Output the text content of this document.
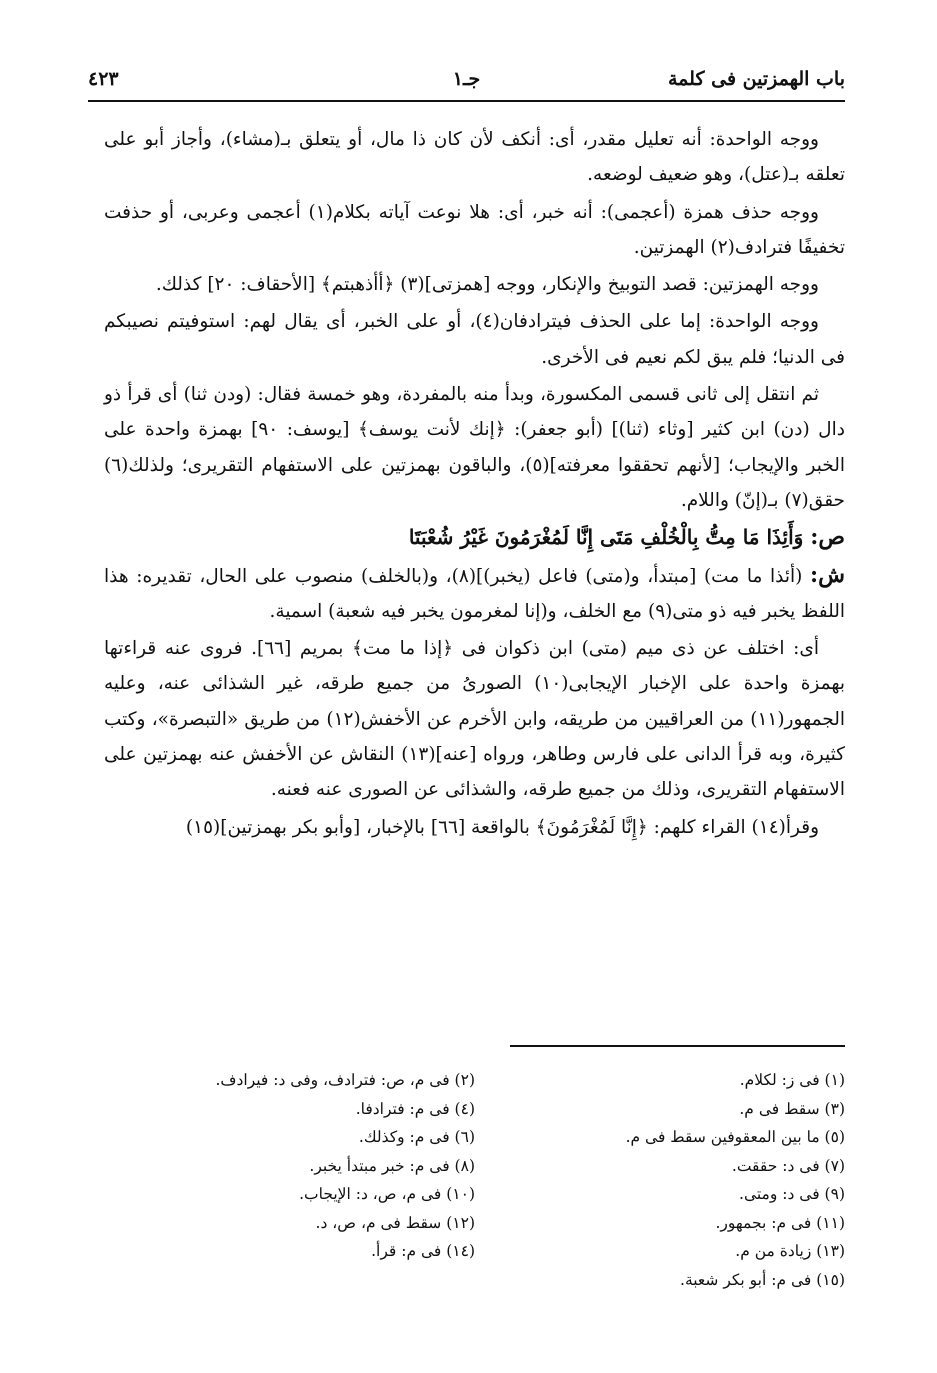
باب الهمزتين فى كلمة
جـ١
٤٢٣

ووجه الواحدة: أنه تعليل مقدر، أى: أنكف لأن كان ذا مال، أو يتعلق بـ(مشاء)، وأجاز أبو على تعلقه بـ(عتل)، وهو ضعيف لوضعه.

ووجه حذف همزة (أعجمى): أنه خبر، أى: هلا نوعت آياته بكلام(١) أعجمى وعربى، أو حذفت تخفيفًا فترادف(٢) الهمزتين.

ووجه الهمزتين: قصد التوبيخ والإنكار، ووجه [همزتى](٣) ﴿أأذهبتم﴾ [الأحقاف: ٢٠] كذلك.

ووجه الواحدة: إما على الحذف فيترادفان(٤)، أو على الخبر، أى يقال لهم: استوفيتم نصيبكم فى الدنيا؛ فلم يبق لكم نعيم فى الأخرى.

ثم انتقل إلى ثانى قسمى المكسورة، وبدأ منه بالمفردة، وهو خمسة فقال: (ودن ثنا) أى قرأ ذو دال (دن) ابن كثير [وثاء (ثنا)] (أبو جعفر): ﴿إنك لأنت يوسف﴾ [يوسف: ٩٠] بهمزة واحدة على الخبر والإيجاب؛ [لأنهم تحققوا معرفته](٥)، والباقون بهمزتين على الاستفهام التقريرى؛ ولذلك(٦) حقق(٧) بـ(إنّ) واللام.

ص: وَأَئِذَا مَا مِتُّ بِالْخُلْفِ مَتَى إِنَّا لَمُغْرَمُونَ غَيْرُ شُعْبَتَا

ش: (أئذا ما مت) [مبتدأ، و(متى) فاعل (يخبر)](٨)، و(بالخلف) منصوب على الحال، تقديره: هذا اللفظ يخبر فيه ذو متى(٩) مع الخلف، و(إنا لمغرمون يخبر فيه شعبة) اسمية.

أى: اختلف عن ذى ميم (متى) ابن ذكوان فى ﴿إذا ما مت﴾ بمريم [٦٦]. فروى عنه قراءتها بهمزة واحدة على الإخبار الإيجابى(١٠) الصورىُ من جميع طرقه، غير الشذائى عنه، وعليه الجمهور(١١) من العراقيين من طريقه، وابن الأخرم عن الأخفش(١٢) من طريق «التبصرة»، وكتب كثيرة، وبه قرأ الدانى على فارس وطاهر، ورواه [عنه](١٣) النقاش عن الأخفش عنه بهمزتين على الاستفهام التقريرى، وذلك من جميع طرقه، والشذائى عن الصورى عنه فعنه.

وقرأ(١٤) القراء كلهم: ﴿إِنَّا لَمُغْرَمُونَ﴾ بالواقعة [٦٦] بالإخبار، [وأبو بكر بهمزتين](١٥)

(١) فى ز: لكلام.
(٣) سقط فى م.
(٥) ما بين المعقوفين سقط فى م.
(٧) فى د: حققت.
(٩) فى د: ومتى.
(١١) فى م: بجمهور.
(١٣) زيادة من م.
(١٥) فى م: أبو بكر شعبة.
(٢) فى م، ص: فترادف، وفى د: فيرادف.
(٤) فى م: فترادفا.
(٦) فى م: وكذلك.
(٨) فى م: خبر مبتدأ يخبر.
(١٠) فى م، ص، د: الإيجاب.
(١٢) سقط فى م، ص، د.
(١٤) فى م: قرأ.
